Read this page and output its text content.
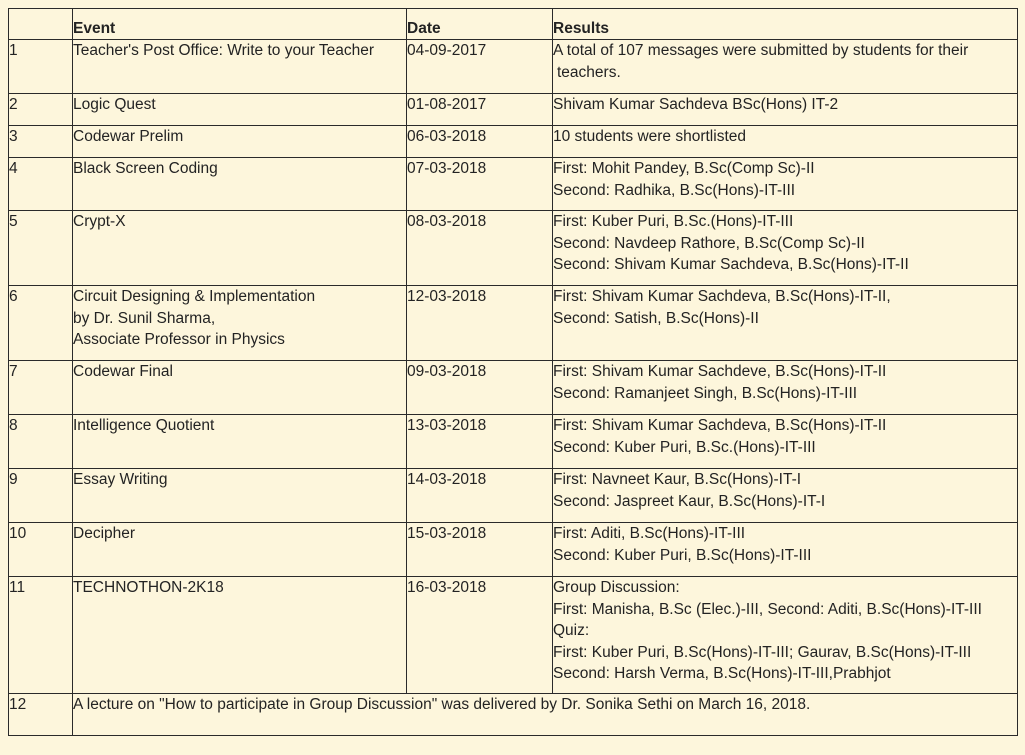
	Event	Date	Results
1	Teacher's Post Office: Write to your Teacher	04-09-2017	A total of 107 messages were submitted by students for their
teachers.

2	Logic Quest	01-08-2017	Shivam Kumar Sachdeva BSc(Hons) IT-2

3	Codewar Prelim	06-03-2018	10 students were shortlisted

4	Black Screen Coding	07-03-2018	First: Mohit Pandey, B.Sc(Comp Sc)-II
Second: Radhika, B.Sc(Hons)-IT-III

5	Crypt-X	08-03-2018	First: Kuber Puri, B.Sc.(Hons)-IT-III
Second: Navdeep Rathore, B.Sc(Comp Sc)-II
Second: Shivam Kumar Sachdeva, B.Sc(Hons)-IT-II

6	Circuit Designing & Implementation
by Dr. Sunil Sharma,
Associate Professor in Physics	12-03-2018	First: Shivam Kumar Sachdeva, B.Sc(Hons)-IT-II,
Second: Satish, B.Sc(Hons)-II

7	Codewar Final	09-03-2018	First: Shivam Kumar Sachdeve, B.Sc(Hons)-IT-II
Second: Ramanjeet Singh, B.Sc(Hons)-IT-III

8	Intelligence Quotient	13-03-2018	First: Shivam Kumar Sachdeva, B.Sc(Hons)-IT-II
Second: Kuber Puri, B.Sc.(Hons)-IT-III

9	Essay Writing	14-03-2018	First: Navneet Kaur, B.Sc(Hons)-IT-I
Second: Jaspreet Kaur, B.Sc(Hons)-IT-I

10	Decipher	15-03-2018	First: Aditi, B.Sc(Hons)-IT-III
Second: Kuber Puri, B.Sc(Hons)-IT-III

11	TECHNOTHON-2K18	16-03-2018	Group Discussion:
First: Manisha, B.Sc (Elec.)-III, Second: Aditi, B.Sc(Hons)-IT-III
Quiz:
First: Kuber Puri, B.Sc(Hons)-IT-III; Gaurav, B.Sc(Hons)-IT-III
Second: Harsh Verma, B.Sc(Hons)-IT-III,Prabhjot

12	A lecture on "How to participate in Group Discussion" was delivered by Dr. Sonika Sethi on March 16, 2018.		
